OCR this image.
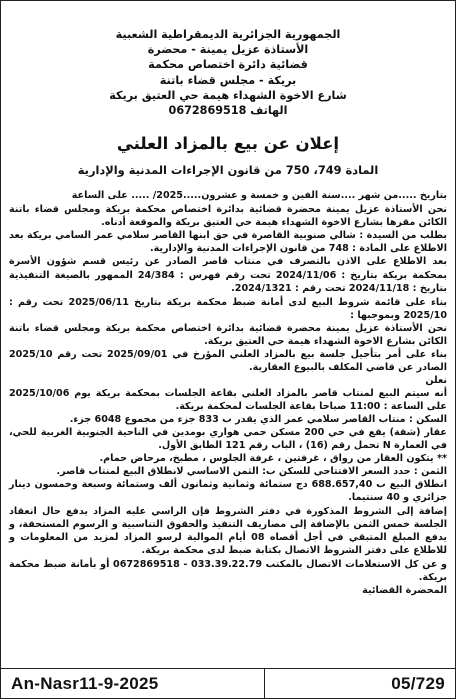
الجمهورية الجزائرية الديمقراطية الشعبية
الأستاذة عزيل يمينة - محضرة
قضائية دائرة اختصاص محكمة
بريكة - مجلس قضاء باتنة
شارع الاخوة الشهداء هيمة حي العتيق بريكة
الهاتف 0672869518
إعلان عن بيع بالمزاد العلني
المادة 749، 750 من قانون الإجراءات المدنية والإدارية

بتاريخ .....من شهر ....سنة الفين و خمسة و عشرون.....2025/ ..... على الساعة

نحن الأستاذة عزيل يمينة محضرة قضائية بدائرة اختصاص محكمة بريكة ومجلس قضاء باتنة الكائن مقرها بشارع الاخوة الشهداء هيمة حي العتيق بريكة والموقعة أدناه.

بطلب من السيدة : شالي صنوبية القاصرة في حق ابنها القاصر سلامي عمر السامي بريكة بعد الاطلاع على المادة : 748 من قانون الإجراءات المدنية والإدارية.

بعد الاطلاع على الاذن بالتصرف في منتاب قاصر الصادر عن رئيس قسم شؤون الأسرة بمحكمة بريكة بتاريخ : 2024/11/06 تحت رقم فهرس : 24/384 الممهور بالصيغة التنفيذية بتاريخ : 2024/11/18 تحت رقم : 2024/1321.

بناء على قائمة شروط البيع لدى أمانة ضبط محكمة بريكة بتاريخ 2025/06/11 تحت رقم : 2025/10 وبموجبها :

نحن الأستاذة عزيل يمينة محضرة قضائية بدائرة اختصاص محكمة بريكة ومجلس قضاء باتنة الكائن بشارع الاخوة الشهداء هيمة حي العتيق بريكة.

بناء على أمر بتأجيل جلسة بيع بالمزاد العلني المؤرخ في 2025/09/01 تحت رقم 2025/10 الصادر عن قاضي المكلف بالبيوع العقارية.

نعلن

أنه سيتم البيع لمنتاب قاصر بالمزاد العلني بقاعة الجلسات بمحكمة بريكة يوم 2025/10/06 على الساعة : 11:00 صباحا بقاعة الجلسات لمحكمة بريكة.

السكن : منتاب القاصر سلامي عمر الذي يقدر ب 833 جزء من مجموع 6048 جزء.

عقار (شقة) يقع في حي 200 مسكن حمي هواري بومدين في الناحية الجنوبية الغربية للحي، في العمارة N تحمل رقم (16) ، الباب رقم 121 الطابق الأول.

** يتكون العقار من رواق ، غرفتين ، غرفة الجلوس ، مطبخ، مرحاض حمام.

الثمن : حدد السعر الافتتاحي للسكن ب: الثمن الاساسي لانطلاق البيع لمنتاب قاصر.

انطلاق البيع ب 688.657,40 دج ستمائة وثمانية وثمانون ألف وستمائة وسبعة وخمسون دينار جزائري و 40 سنتيما.

إضافة إلى الشروط المذكورة في دفتر الشروط فإن الراسي عليه المزاد يدفع حال انعقاد الجلسة خمس الثمن بالإضافة إلى مصاريف التنفيذ والحقوق التناسبية و الرسوم المستحقة، و يدفع المبلغ المتبقي في أجل أقصاه 08 أيام الموالية لرسو المزاد لمزيد من المعلومات و للاطلاع على دفتر الشروط الاتصال بكتابة ضبط لدى محكمة بريكة.

و عن كل الاستعلامات الاتصال بالمكتب 033.39.22.79 - 0672869518 أو بأمانة ضبط محكمة بريكة.

المحضرة القضائية

05/729
An-Nasr11-9-2025
